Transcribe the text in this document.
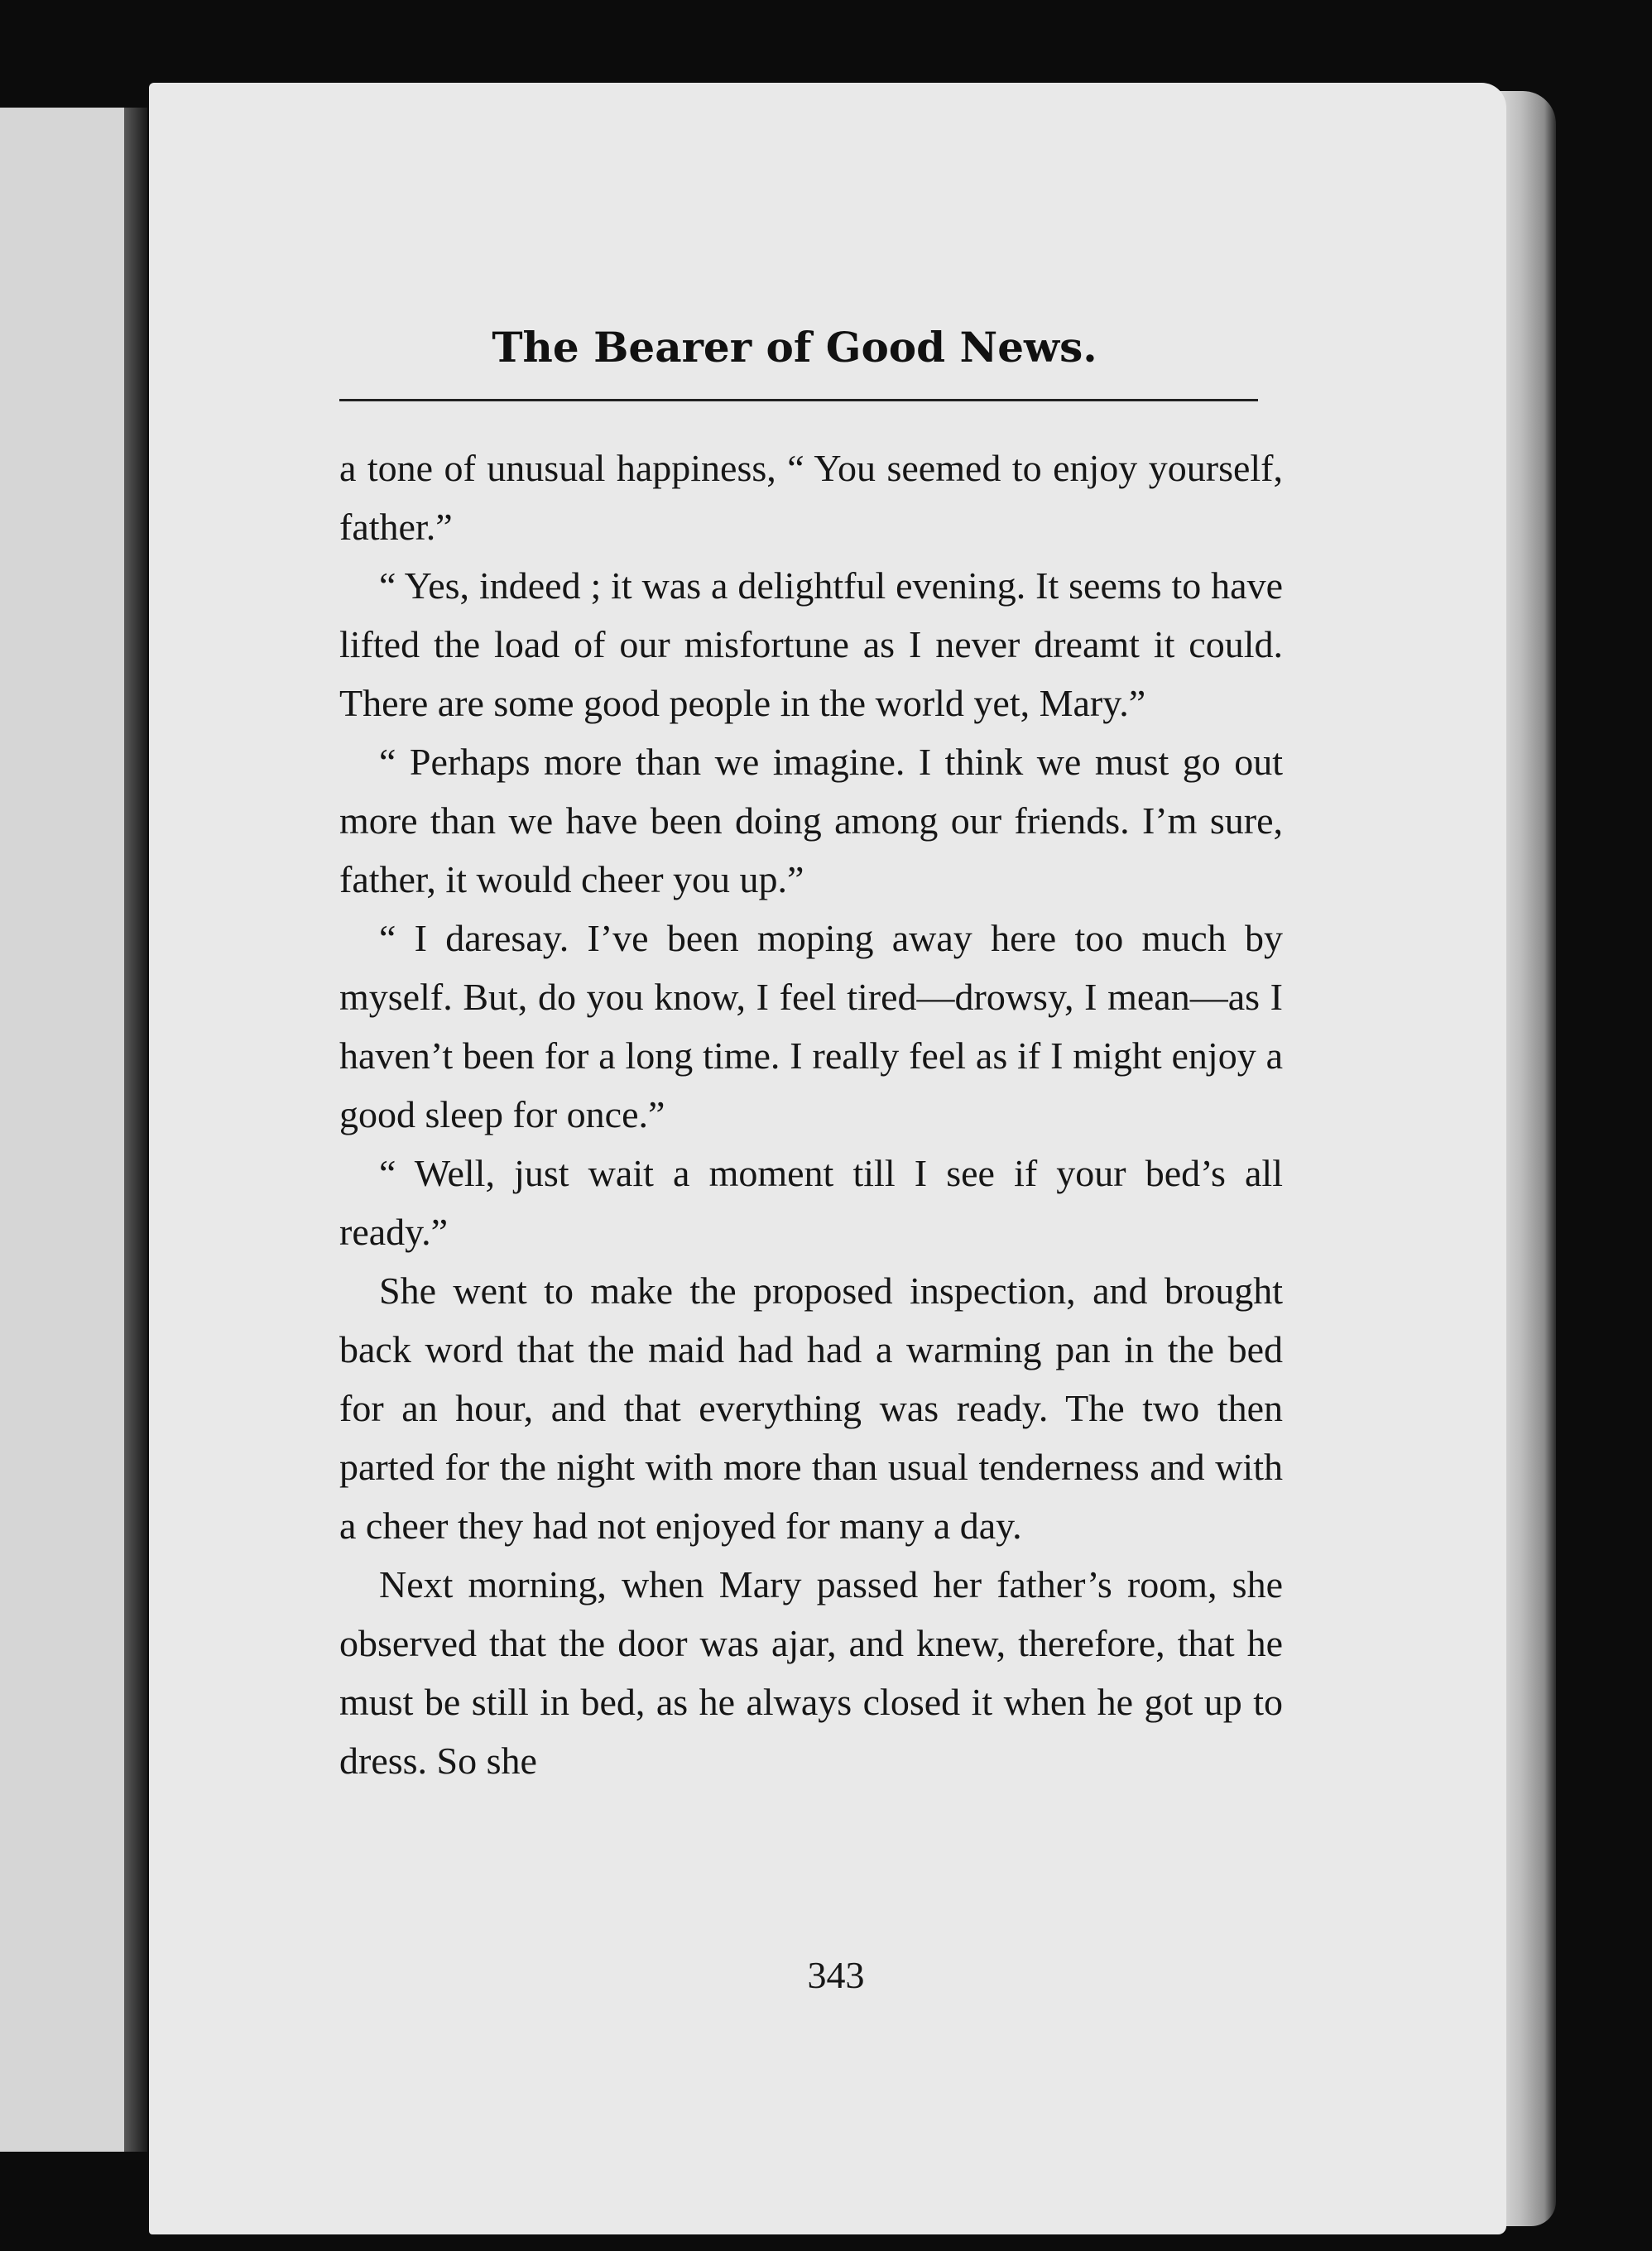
The Bearer of Good News.

a tone of unusual happiness, “ You seemed to enjoy yourself, father.”

“ Yes, indeed ; it was a delightful evening. It seems to have lifted the load of our misfortune as I never dreamt it could. There are some good people in the world yet, Mary.”

“ Perhaps more than we imagine. I think we must go out more than we have been doing among our friends. I’m sure, father, it would cheer you up.”

“ I daresay. I’ve been moping away here too much by myself. But, do you know, I feel tired—drowsy, I mean—as I haven’t been for a long time. I really feel as if I might enjoy a good sleep for once.”

“ Well, just wait a moment till I see if your bed’s all ready.”

She went to make the proposed inspection, and brought back word that the maid had had a warming pan in the bed for an hour, and that everything was ready. The two then parted for the night with more than usual tenderness and with a cheer they had not enjoyed for many a day.

Next morning, when Mary passed her father’s room, she observed that the door was ajar, and knew, therefore, that he must be still in bed, as he always closed it when he got up to dress. So she

343
